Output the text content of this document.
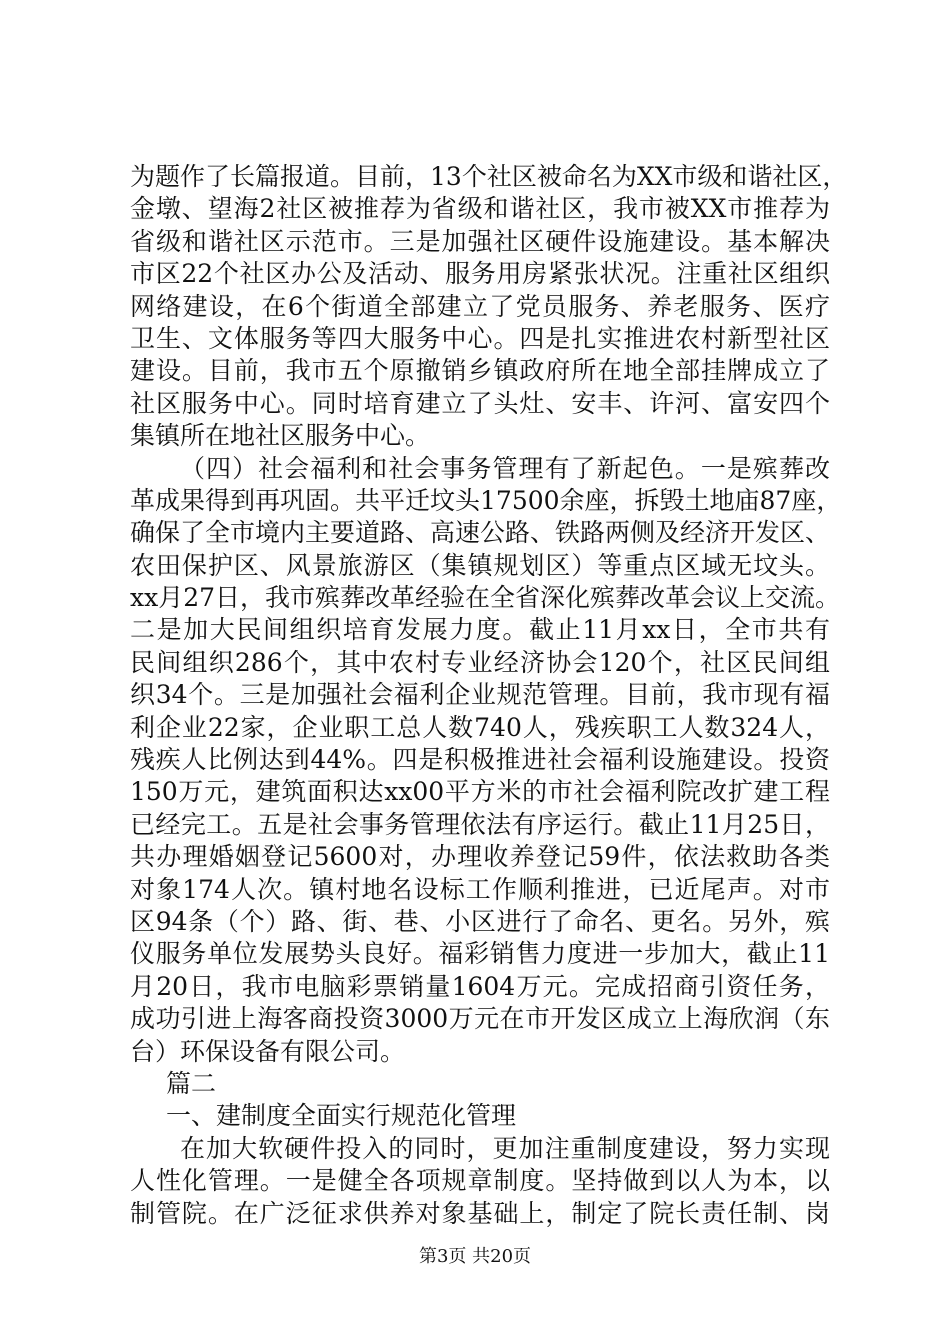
为题作了长篇报道。目前，13个社区被命名为XX市级和谐社区，
金墩、望海2社区被推荐为省级和谐社区，我市被XX市推荐为
省级和谐社区示范市。三是加强社区硬件设施建设。基本解决
市区22个社区办公及活动、服务用房紧张状况。注重社区组织
网络建设，在6个街道全部建立了党员服务、养老服务、医疗
卫生、文体服务等四大服务中心。四是扎实推进农村新型社区
建设。目前，我市五个原撤销乡镇政府所在地全部挂牌成立了
社区服务中心。同时培育建立了头灶、安丰、许河、富安四个
集镇所在地社区服务中心。
（四）社会福利和社会事务管理有了新起色。一是殡葬改
革成果得到再巩固。共平迁坟头17500余座，拆毁土地庙87座，
确保了全市境内主要道路、高速公路、铁路两侧及经济开发区、
农田保护区、风景旅游区（集镇规划区）等重点区域无坟头。
xx月27日，我市殡葬改革经验在全省深化殡葬改革会议上交流。
二是加大民间组织培育发展力度。截止11月xx日，全市共有
民间组织286个，其中农村专业经济协会120个，社区民间组
织34个。三是加强社会福利企业规范管理。目前，我市现有福
利企业22家，企业职工总人数740人，残疾职工人数324人，
残疾人比例达到44%。四是积极推进社会福利设施建设。投资
150万元，建筑面积达xx00平方米的市社会福利院改扩建工程
已经完工。五是社会事务管理依法有序运行。截止11月25日，
共办理婚姻登记5600对，办理收养登记59件，依法救助各类
对象174人次。镇村地名设标工作顺利推进，已近尾声。对市
区94条（个）路、街、巷、小区进行了命名、更名。另外，殡
仪服务单位发展势头良好。福彩销售力度进一步加大，截止11
月20日，我市电脑彩票销量1604万元。完成招商引资任务，
成功引进上海客商投资3000万元在市开发区成立上海欣润（东
台）环保设备有限公司。
篇二
一、建制度全面实行规范化管理
在加大软硬件投入的同时，更加注重制度建设，努力实现
人性化管理。一是健全各项规章制度。坚持做到以人为本，以
制管院。在广泛征求供养对象基础上，制定了院长责任制、岗
第3页 共20页
